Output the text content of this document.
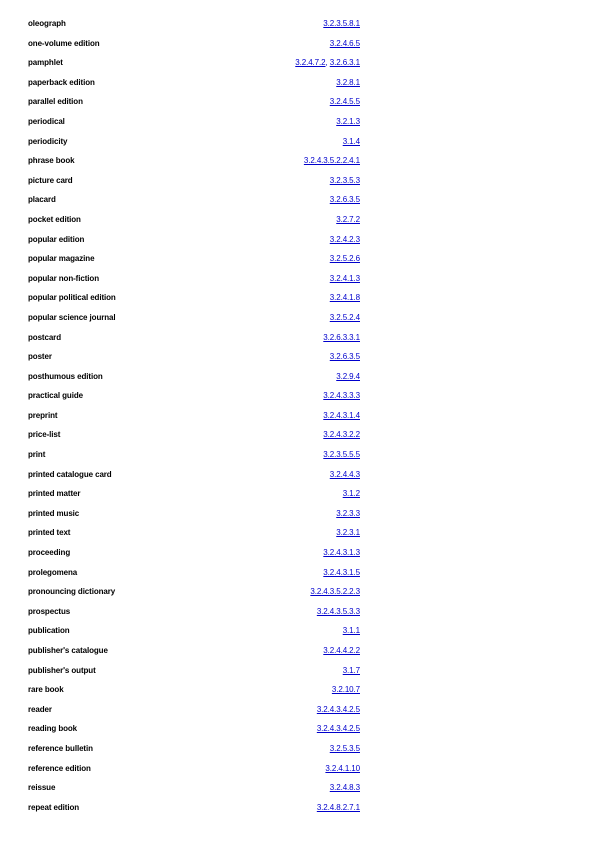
oleograph	3.2.3.5.8.1
one-volume edition	3.2.4.6.5
pamphlet	3.2.4.7.2, 3.2.6.3.1
paperback edition	3.2.8.1
parallel edition	3.2.4.5.5
periodical	3.2.1.3
periodicity	3.1.4
phrase book	3.2.4.3.5.2.2.4.1
picture card	3.2.3.5.3
placard	3.2.6.3.5
pocket edition	3.2.7.2
popular edition	3.2.4.2.3
popular magazine	3.2.5.2.6
popular non-fiction	3.2.4.1.3
popular political edition	3.2.4.1.8
popular science journal	3.2.5.2.4
postcard	3.2.6.3.3.1
poster	3.2.6.3.5
posthumous edition	3.2.9.4
practical guide	3.2.4.3.3.3
preprint	3.2.4.3.1.4
price-list	3.2.4.3.2.2
print	3.2.3.5.5.5
printed catalogue card	3.2.4.4.3
printed matter	3.1.2
printed music	3.2.3.3
printed text	3.2.3.1
proceeding	3.2.4.3.1.3
prolegomena	3.2.4.3.1.5
pronouncing dictionary	3.2.4.3.5.2.2.3
prospectus	3.2.4.3.5.3.3
publication	3.1.1
publisher's catalogue	3.2.4.4.2.2
publisher's output	3.1.7
rare book	3.2.10.7
reader	3.2.4.3.4.2.5
reading book	3.2.4.3.4.2.5
reference bulletin	3.2.5.3.5
reference edition	3.2.4.1.10
reissue	3.2.4.8.3
repeat edition	3.2.4.8.2.7.1
